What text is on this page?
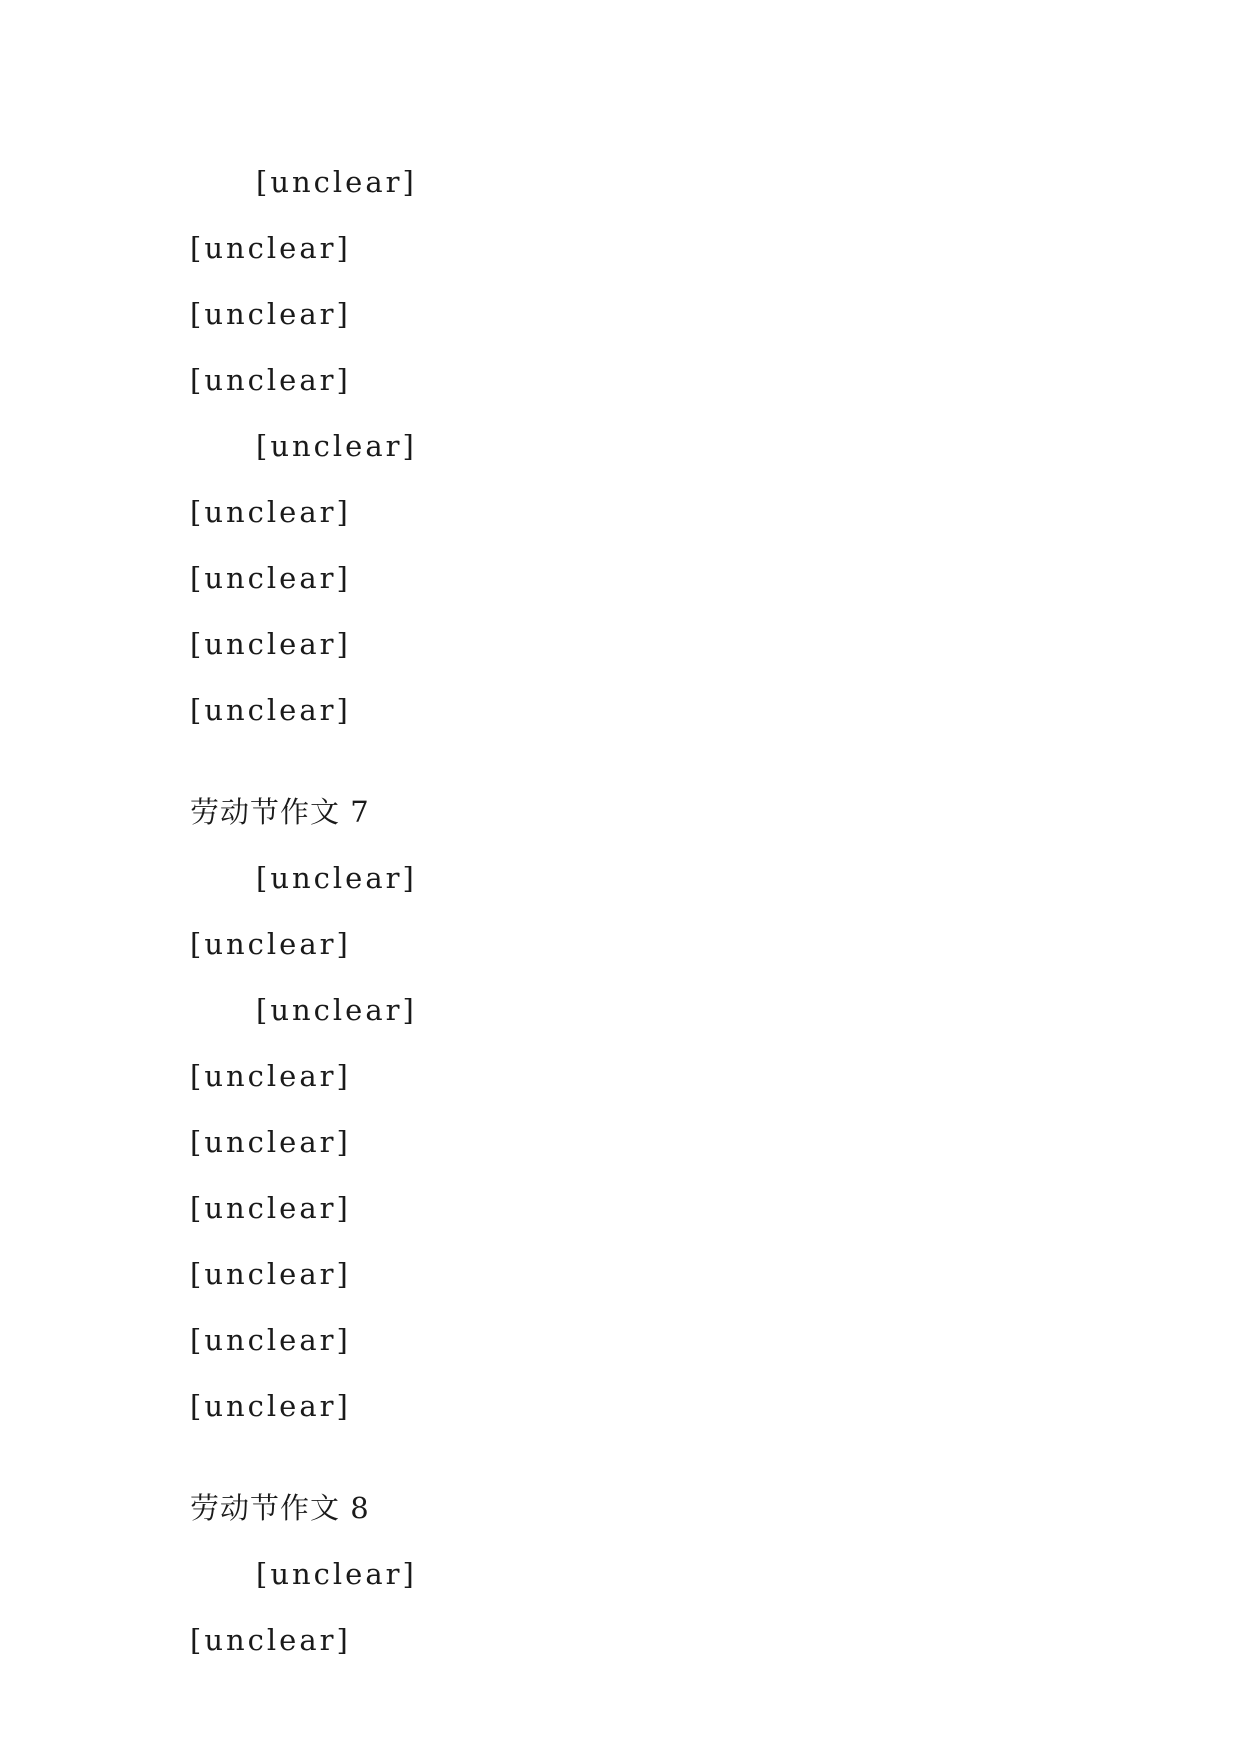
[unclear]
[unclear]
[unclear]
[unclear]
[unclear]
[unclear]
[unclear]
[unclear]
[unclear]
劳动节作文 7
[unclear]
[unclear]
[unclear]
[unclear]
[unclear]
[unclear]
[unclear]
[unclear]
[unclear]
劳动节作文 8
[unclear]
[unclear]
